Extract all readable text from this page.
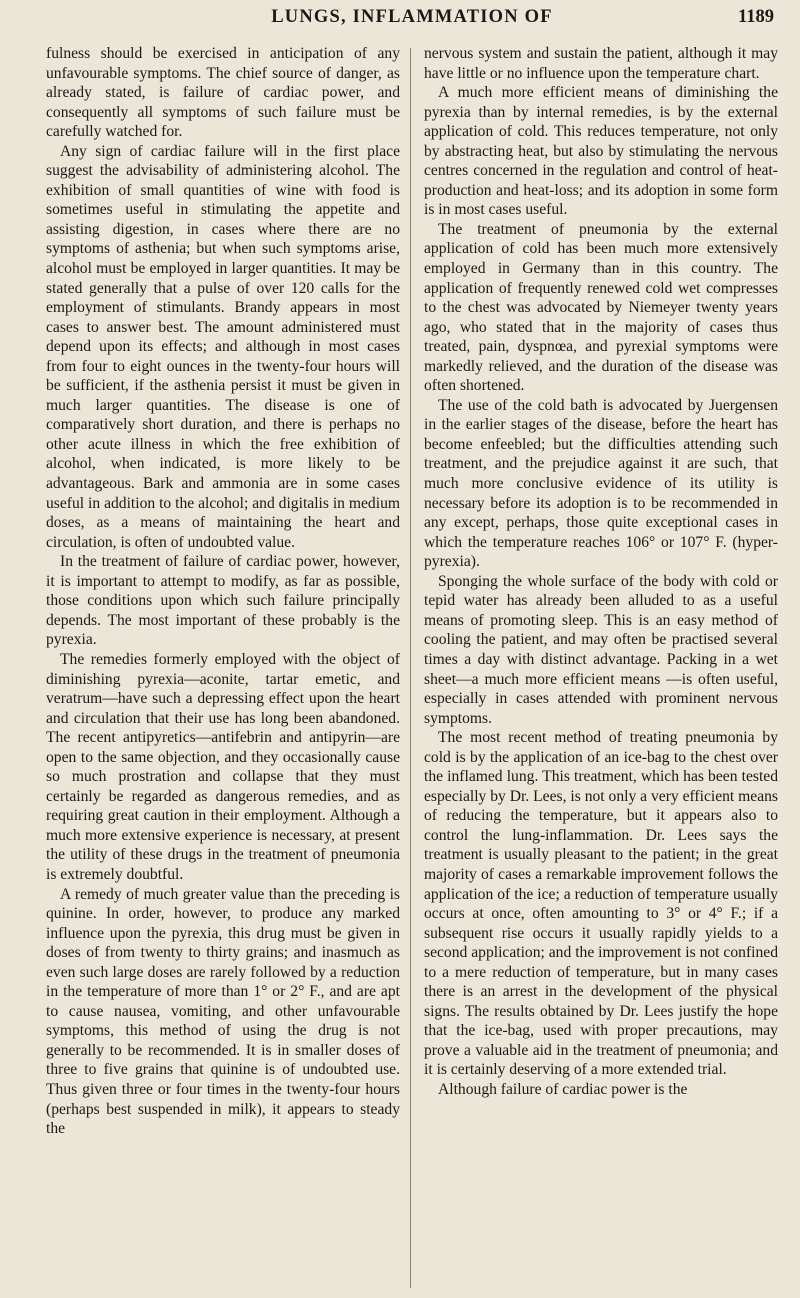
LUNGS, INFLAMMATION OF	1189

fulness should be exercised in anticipation of any unfavourable symptoms. The chief source of danger, as already stated, is failure of cardiac power, and consequently all symptoms of such failure must be carefully watched for.

Any sign of cardiac failure will in the first place suggest the advisability of administering alcohol. The exhibition of small quantities of wine with food is sometimes useful in stimulating the appetite and assisting digestion, in cases where there are no symptoms of asthenia; but when such symptoms arise, alcohol must be employed in larger quantities. It may be stated generally that a pulse of over 120 calls for the employment of stimulants. Brandy appears in most cases to answer best. The amount administered must depend upon its effects; and although in most cases from four to eight ounces in the twenty-four hours will be sufficient, if the asthenia persist it must be given in much larger quantities. The disease is one of comparatively short duration, and there is perhaps no other acute illness in which the free exhibition of alcohol, when indicated, is more likely to be advantageous. Bark and ammonia are in some cases useful in addition to the alcohol; and digitalis in medium doses, as a means of maintaining the heart and circulation, is often of undoubted value.

In the treatment of failure of cardiac power, however, it is important to attempt to modify, as far as possible, those conditions upon which such failure principally depends. The most important of these probably is the pyrexia.

The remedies formerly employed with the object of diminishing pyrexia—aconite, tartar emetic, and veratrum—have such a depressing effect upon the heart and circulation that their use has long been abandoned. The recent antipyretics—antifebrin and antipyrin—are open to the same objection, and they occasionally cause so much prostration and collapse that they must certainly be regarded as dangerous remedies, and as requiring great caution in their employment. Although a much more extensive experience is necessary, at present the utility of these drugs in the treatment of pneumonia is extremely doubtful.

A remedy of much greater value than the preceding is quinine. In order, however, to produce any marked influence upon the pyrexia, this drug must be given in doses of from twenty to thirty grains; and inasmuch as even such large doses are rarely followed by a reduction in the temperature of more than 1° or 2° F., and are apt to cause nausea, vomiting, and other unfavourable symptoms, this method of using the drug is not generally to be recommended. It is in smaller doses of three to five grains that quinine is of undoubted use. Thus given three or four times in the twenty-four hours (perhaps best suspended in milk), it appears to steady the

nervous system and sustain the patient, although it may have little or no influence upon the temperature chart.

A much more efficient means of diminishing the pyrexia than by internal remedies, is by the external application of cold. This reduces temperature, not only by abstracting heat, but also by stimulating the nervous centres concerned in the regulation and control of heat-production and heat-loss; and its adoption in some form is in most cases useful.

The treatment of pneumonia by the external application of cold has been much more extensively employed in Germany than in this country. The application of frequently renewed cold wet compresses to the chest was advocated by Niemeyer twenty years ago, who stated that in the majority of cases thus treated, pain, dyspnœa, and pyrexial symptoms were markedly relieved, and the duration of the disease was often shortened.

The use of the cold bath is advocated by Juergensen in the earlier stages of the disease, before the heart has become enfeebled; but the difficulties attending such treatment, and the prejudice against it are such, that much more conclusive evidence of its utility is necessary before its adoption is to be recommended in any except, perhaps, those quite exceptional cases in which the temperature reaches 106° or 107° F. (hyper-pyrexia).

Sponging the whole surface of the body with cold or tepid water has already been alluded to as a useful means of promoting sleep. This is an easy method of cooling the patient, and may often be practised several times a day with distinct advantage. Packing in a wet sheet—a much more efficient means —is often useful, especially in cases attended with prominent nervous symptoms.

The most recent method of treating pneumonia by cold is by the application of an ice-bag to the chest over the inflamed lung. This treatment, which has been tested especially by Dr. Lees, is not only a very efficient means of reducing the temperature, but it appears also to control the lung-inflammation. Dr. Lees says the treatment is usually pleasant to the patient; in the great majority of cases a remarkable improvement follows the application of the ice; a reduction of temperature usually occurs at once, often amounting to 3° or 4° F.; if a subsequent rise occurs it usually rapidly yields to a second application; and the improvement is not confined to a mere reduction of temperature, but in many cases there is an arrest in the development of the physical signs. The results obtained by Dr. Lees justify the hope that the ice-bag, used with proper precautions, may prove a valuable aid in the treatment of pneumonia; and it is certainly deserving of a more extended trial.

Although failure of cardiac power is the
